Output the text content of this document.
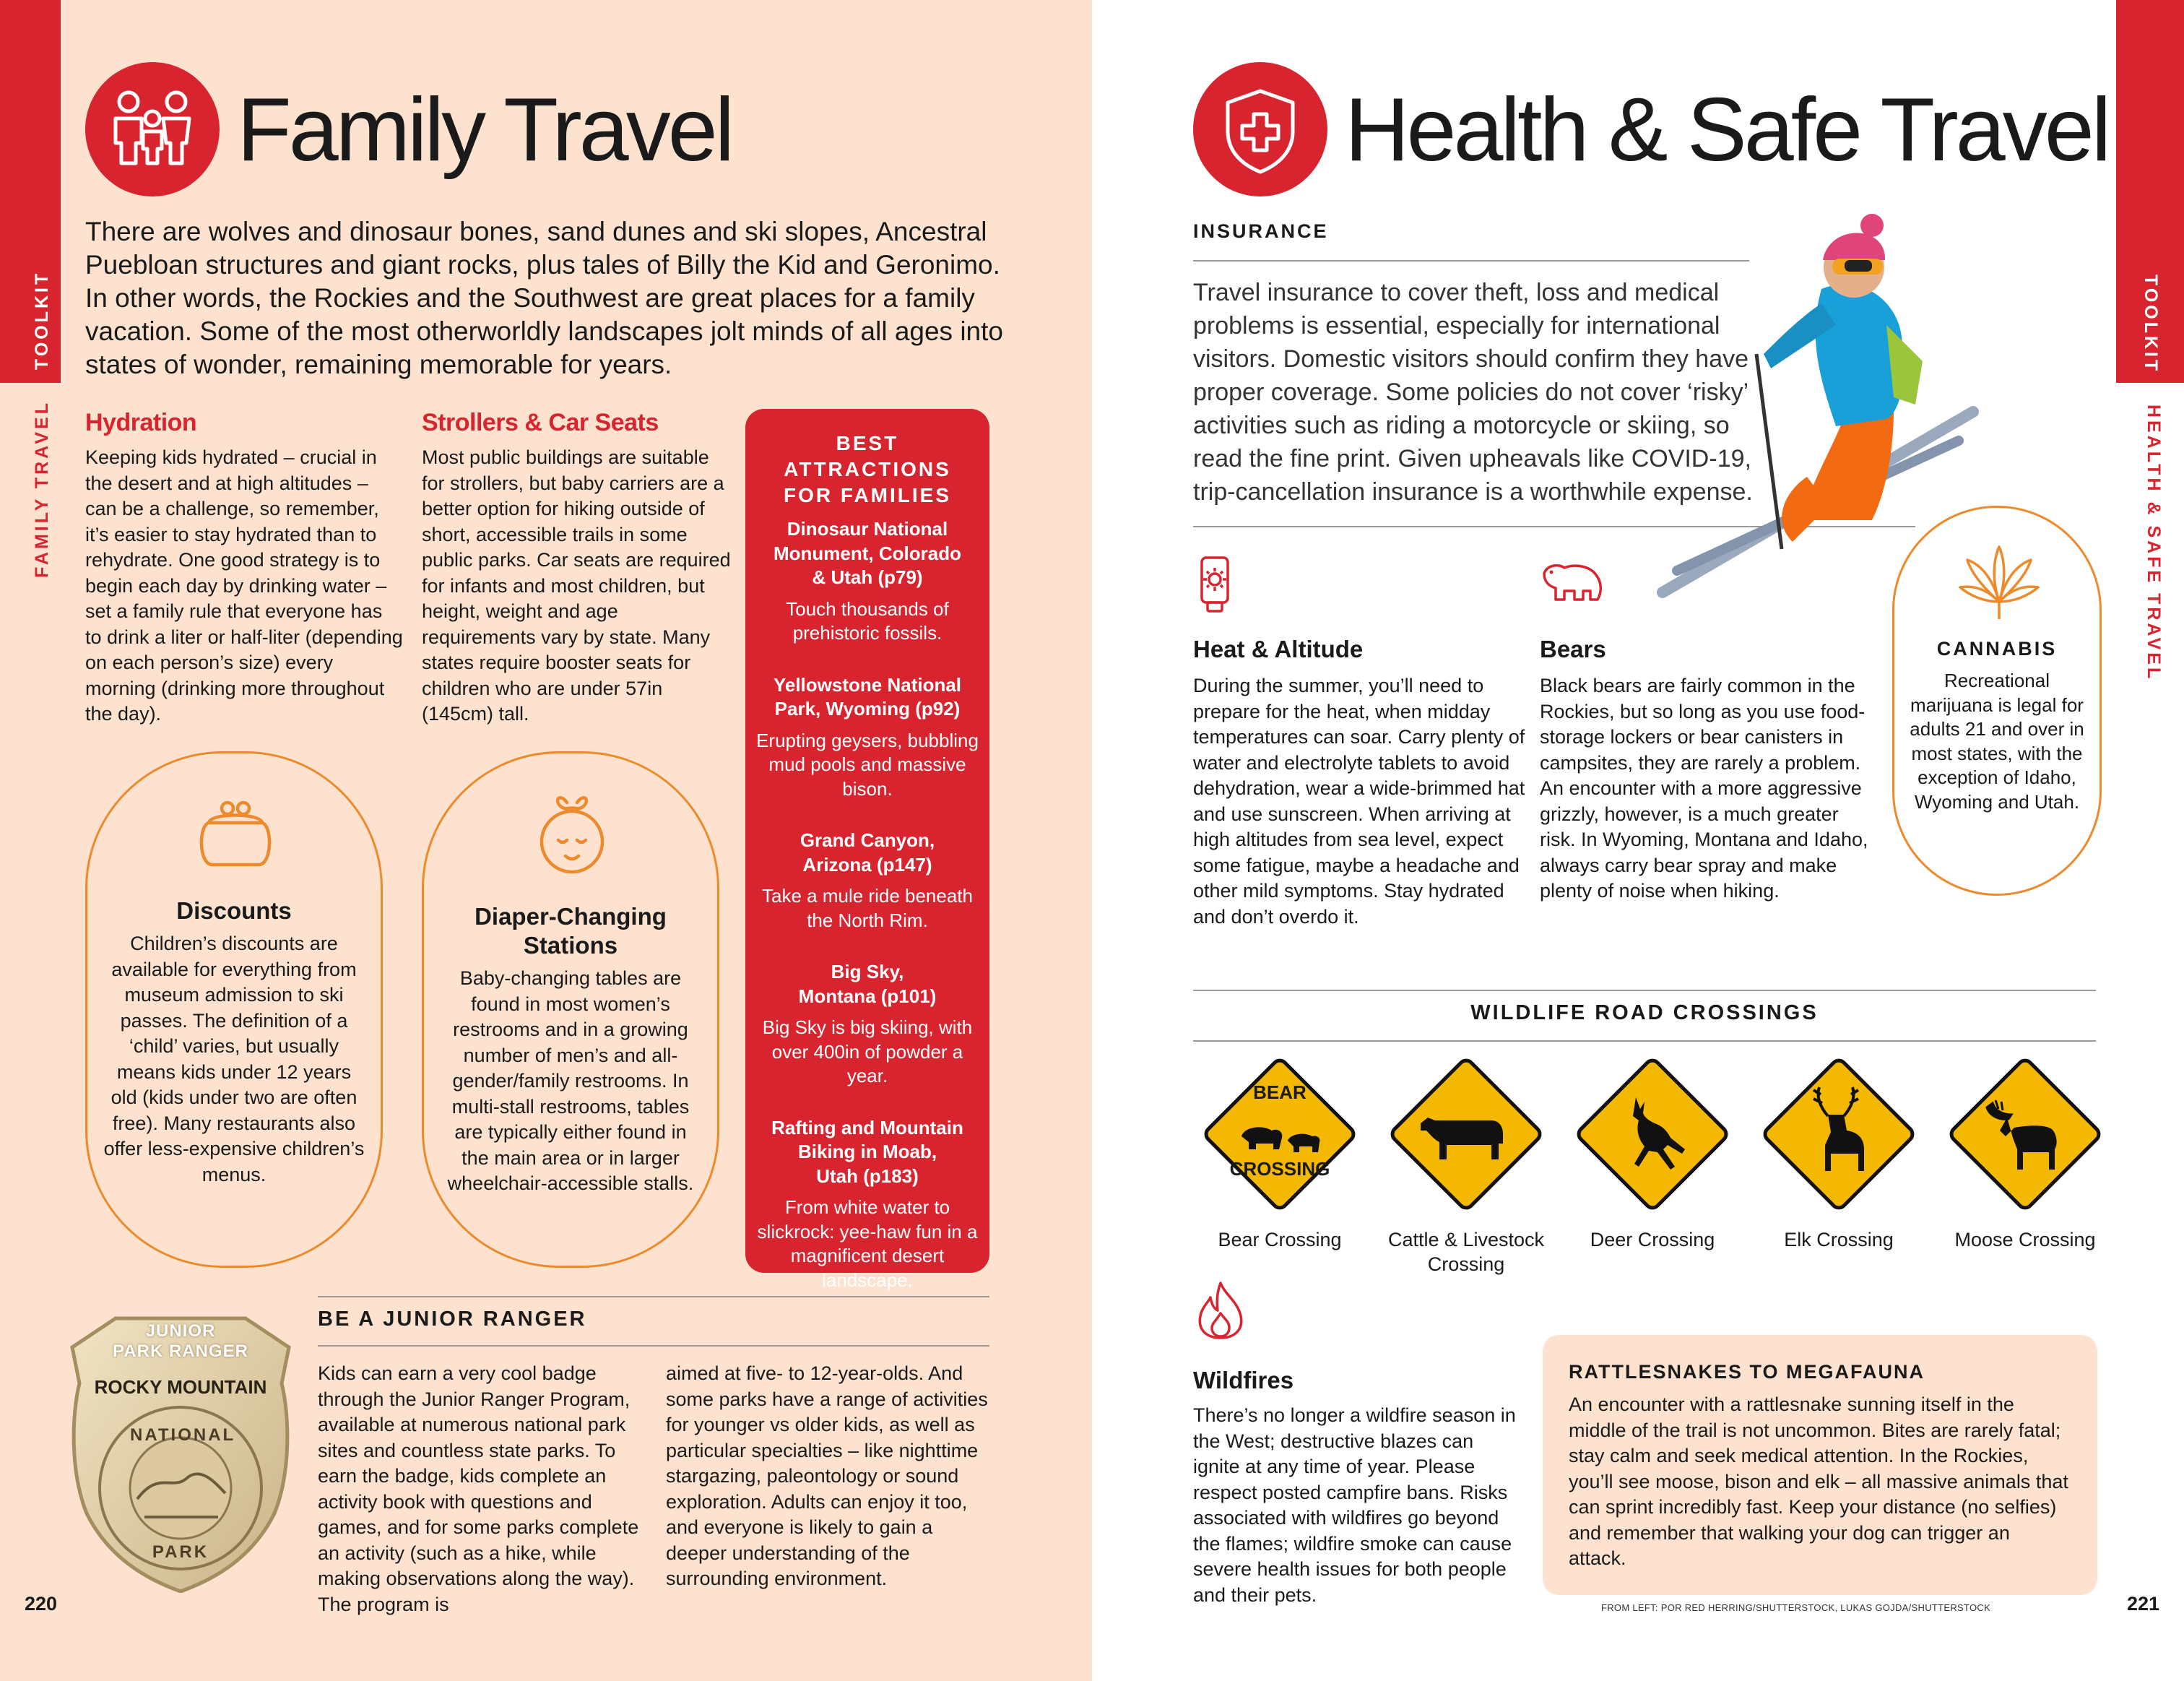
TOOLKIT
FAMILY TRAVEL
Family Travel
There are wolves and dinosaur bones, sand dunes and ski slopes, Ancestral Puebloan structures and giant rocks, plus tales of Billy the Kid and Geronimo. In other words, the Rockies and the Southwest are great places for a family vacation. Some of the most otherworldly landscapes jolt minds of all ages into states of wonder, remaining memorable for years.
Hydration
Keeping kids hydrated – crucial in the desert and at high altitudes – can be a challenge, so remember, it’s easier to stay hydrated than to rehydrate. One good strategy is to begin each day by drinking water – set a family rule that everyone has to drink a liter or half-liter (depending on each person’s size) every morning (drinking more throughout the day).
Strollers & Car Seats
Most public buildings are suitable for strollers, but baby carriers are a better option for hiking outside of short, accessible trails in some public parks. Car seats are required for infants and most children, but height, weight and age requirements vary by state. Many states require booster seats for children who are under 57in (145cm) tall.
Discounts
Children’s discounts are available for everything from museum admission to ski passes. The definition of a ‘child’ varies, but usually means kids under 12 years old (kids under two are often free). Many restaurants also offer less-expensive children’s menus.
Diaper-Changing
Stations
Baby-changing tables are found in most women’s restrooms and in a growing number of men’s and all-gender/family restrooms. In multi-stall restrooms, tables are typically either found in the main area or in larger wheelchair-accessible stalls.
BEST
ATTRACTIONS
FOR FAMILIES
Dinosaur National
Monument, Colorado
& Utah (p79)
Touch thousands of prehistoric fossils.
Yellowstone National
Park, Wyoming (p92)
Erupting geysers, bubbling mud pools and massive bison.
Grand Canyon,
Arizona (p147)
Take a mule ride beneath the North Rim.
Big Sky,
Montana (p101)
Big Sky is big skiing, with over 400in of powder a year.
Rafting and Mountain
Biking in Moab,
Utah (p183)
From white water to slickrock: yee-haw fun in a magnificent desert landscape.
BE A JUNIOR RANGER
Kids can earn a very cool badge through the Junior Ranger Program, available at numerous national park sites and countless state parks. To earn the badge, kids complete an activity book with questions and games, and for some parks complete an activity (such as a hike, while making observations along the way). The program is
aimed at five- to 12-year-olds. And some parks have a range of activities for younger vs older kids, as well as particular specialties – like nighttime stargazing, paleontology or sound exploration. Adults can enjoy it too, and everyone is likely to gain a deeper understanding of the surrounding environment.
JUNIOR
PARK RANGER
ROCKY MOUNTAIN
NATIONAL
PARK
220
TOOLKIT
HEALTH & SAFE TRAVEL
Health & Safe Travel
INSURANCE
Travel insurance to cover theft, loss and medical problems is essential, especially for international visitors. Domestic visitors should confirm they have proper coverage. Some policies do not cover ‘risky’ activities such as riding a motorcycle or skiing, so read the fine print. Given upheavals like COVID-19, trip-cancellation insurance is a worthwhile expense.
Heat & Altitude
During the summer, you’ll need to prepare for the heat, when midday temperatures can soar. Carry plenty of water and electrolyte tablets to avoid dehydration, wear a wide-brimmed hat and use sunscreen. When arriving at high altitudes from sea level, expect some fatigue, maybe a headache and other mild symptoms. Stay hydrated and don’t overdo it.
Bears
Black bears are fairly common in the Rockies, but so long as you use food-storage lockers or bear canisters in campsites, they are rarely a problem. An encounter with a more aggressive grizzly, however, is a much greater risk. In Wyoming, Montana and Idaho, always carry bear spray and make plenty of noise when hiking.
CANNABIS
Recreational marijuana is legal for adults 21 and over in most states, with the exception of Idaho, Wyoming and Utah.
WILDLIFE ROAD CROSSINGS
BEAR
CROSSING
Bear Crossing	Cattle & Livestock
Crossing
Deer Crossing	Elk Crossing	Moose Crossing
Wildfires
There’s no longer a wildfire season in the West; destructive blazes can ignite at any time of year. Please respect posted campfire bans. Risks associated with wildfires go beyond the flames; wildfire smoke can cause severe health issues for both people and their pets.
RATTLESNAKES TO MEGAFAUNA
An encounter with a rattlesnake sunning itself in the middle of the trail is not uncommon. Bites are rarely fatal; stay calm and seek medical attention. In the Rockies, you’ll see moose, bison and elk – all massive animals that can sprint incredibly fast. Keep your distance (no selfies) and remember that walking your dog can trigger an attack.
FROM LEFT: POR RED HERRING/SHUTTERSTOCK, LUKAS GOJDA/SHUTTERSTOCK	221
